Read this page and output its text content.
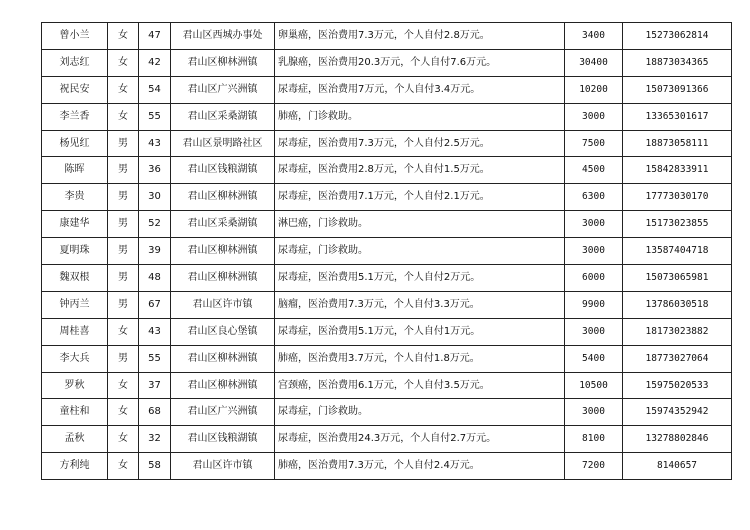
曾小兰	女	47	君山区西城办事处	卵巢癌，医治费用7.3万元，个人自付2.8万元。	3400	15273062814
刘志红	女	42	君山区柳林洲镇	乳腺癌，医治费用20.3万元，个人自付7.6万元。	30400	18873034365
祝民安	女	54	君山区广兴洲镇	尿毒症，医治费用7万元，个人自付3.4万元。	10200	15073091366
李兰香	女	55	君山区采桑湖镇	肺癌，门诊救助。	3000	13365301617
杨见红	男	43	君山区景明路社区	尿毒症，医治费用7.3万元，个人自付2.5万元。	7500	18873058111
陈晖	男	36	君山区钱粮湖镇	尿毒症，医治费用2.8万元，个人自付1.5万元。	4500	15842833911
李贵	男	30	君山区柳林洲镇	尿毒症，医治费用7.1万元，个人自付2.1万元。	6300	17773030170
康建华	男	52	君山区采桑湖镇	淋巴癌，门诊救助。	3000	15173023855
夏明珠	男	39	君山区柳林洲镇	尿毒症，门诊救助。	3000	13587404718
魏双根	男	48	君山区柳林洲镇	尿毒症，医治费用5.1万元，个人自付2万元。	6000	15073065981
钟丙兰	男	67	君山区许市镇	脑瘤，医治费用7.3万元，个人自付3.3万元。	9900	13786030518
周桂喜	女	43	君山区良心堡镇	尿毒症，医治费用5.1万元，个人自付1万元。	3000	18173023882
李大兵	男	55	君山区柳林洲镇	肺癌，医治费用3.7万元，个人自付1.8万元。	5400	18773027064
罗秋	女	37	君山区柳林洲镇	宫颈癌，医治费用6.1万元，个人自付3.5万元。	10500	15975020533
童柱和	女	68	君山区广兴洲镇	尿毒症，门诊救助。	3000	15974352942
孟秋	女	32	君山区钱粮湖镇	尿毒症，医治费用24.3万元，个人自付2.7万元。	8100	13278802846
方利纯	女	58	君山区许市镇	肺癌，医治费用7.3万元，个人自付2.4万元。	7200	8140657
